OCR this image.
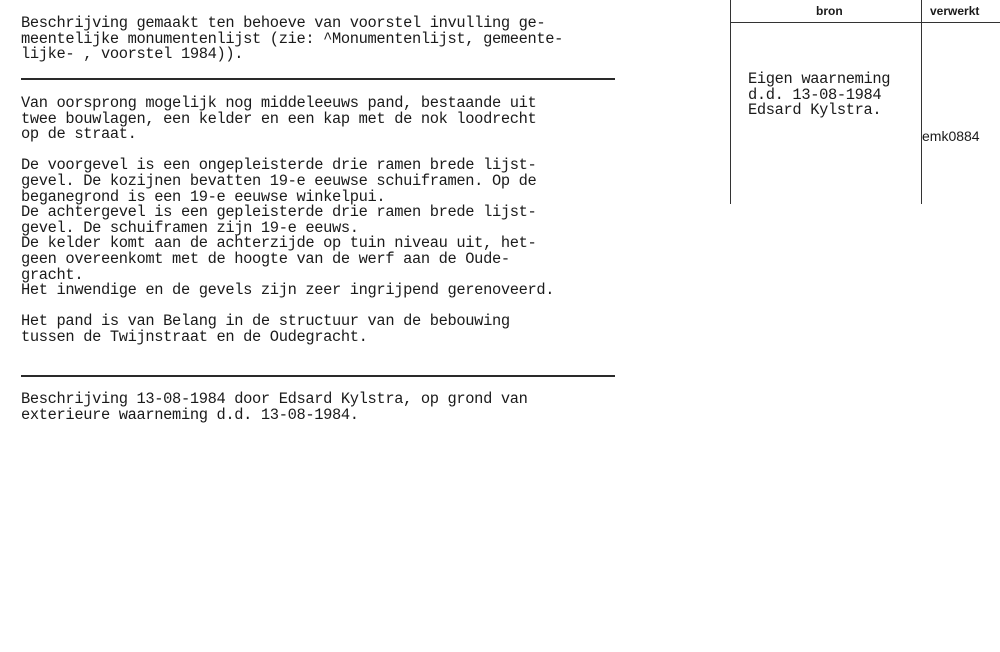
Beschrijving gemaakt ten behoeve van voorstel invulling ge-
meentelijke monumentenlijst (zie: ^Monumentenlijst, gemeente-
lijke- , voorstel 1984)).

Van oorsprong mogelijk nog middeleeuws pand, bestaande uit
twee bouwlagen, een kelder en een kap met de nok loodrecht
op de straat.

De voorgevel is een ongepleisterde drie ramen brede lijst-
gevel. De kozijnen bevatten 19-e eeuwse schuiframen. Op de
beganegrond is een 19-e eeuwse winkelpui.
De achtergevel is een gepleisterde drie ramen brede lijst-
gevel. De schuiframen zijn 19-e eeuws.
De kelder komt aan de achterzijde op tuin niveau uit, het-
geen overeenkomt met de hoogte van de werf aan de Oude-
gracht.
Het inwendige en de gevels zijn zeer ingrijpend gerenoveerd.

Het pand is van Belang in de structuur van de bebouwing
tussen de Twijnstraat en de Oudegracht.

Beschrijving 13-08-1984 door Edsard Kylstra, op grond van
exterieure waarneming d.d. 13-08-1984.

bron	verwerkt
Eigen waarneming
d.d. 13-08-1984
Edsard Kylstra.
emk0884
